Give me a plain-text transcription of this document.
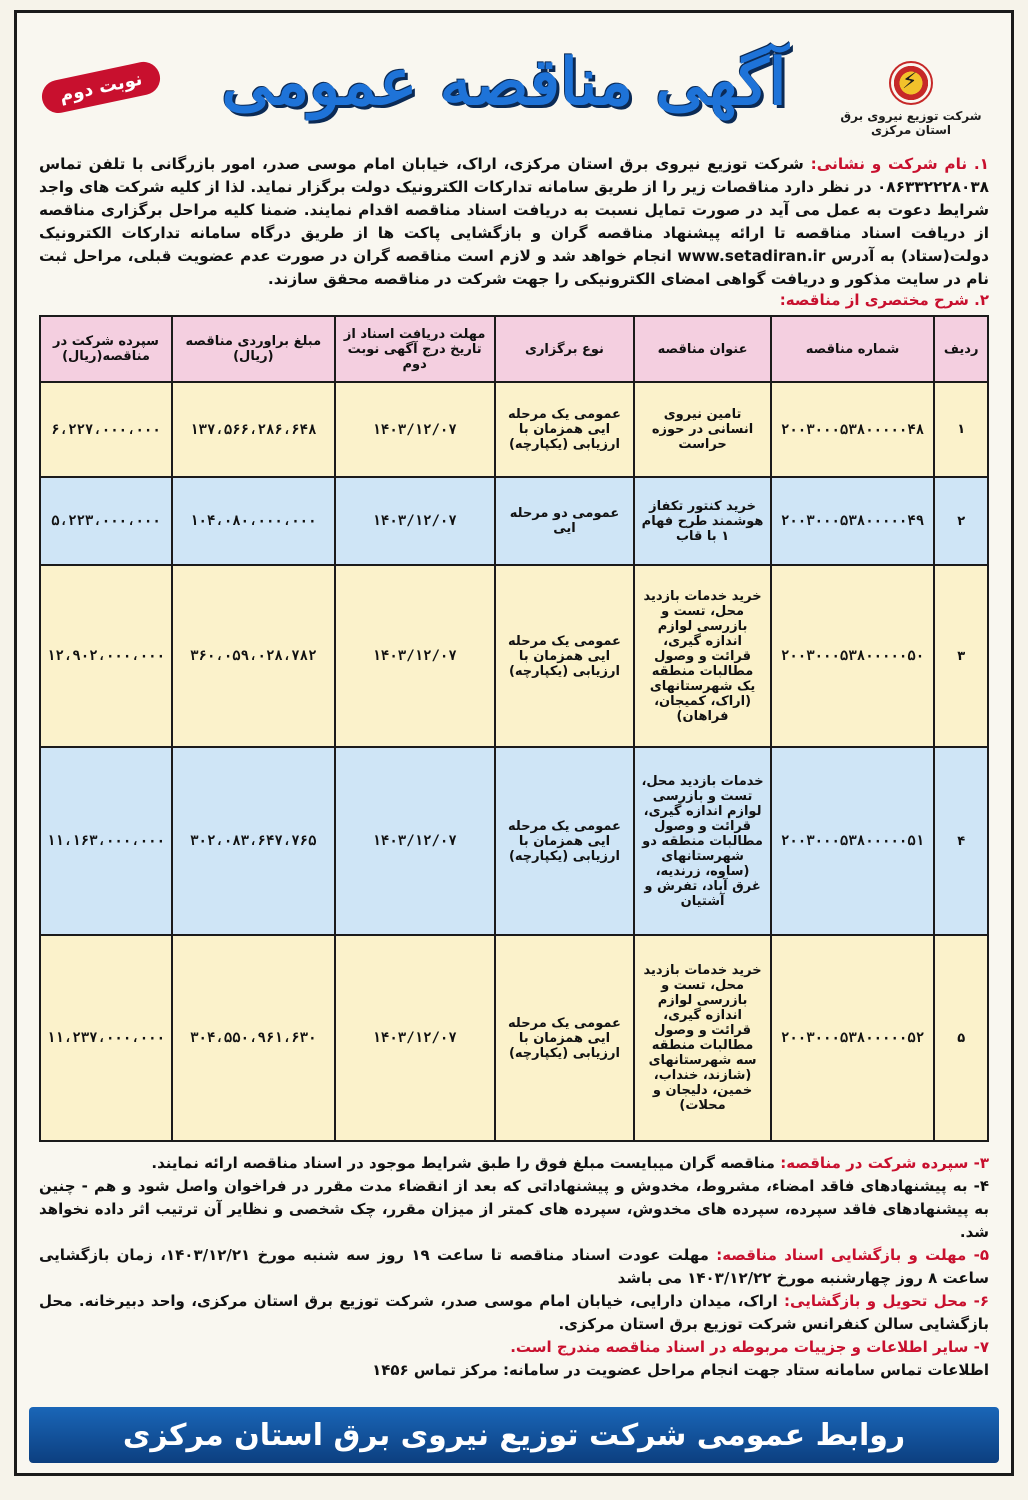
⚡
شرکت توزیع نیروی برق استان مرکزی
آگهی مناقصه عمومی
نوبت دوم
۱. نام شرکت و نشانی: شرکت توزیع نیروی برق استان مرکزی، اراک، خیابان امام موسی صدر، امور بازرگانی با تلفن تماس ۰۸۶۳۳۲۲۲۸۰۳۸ در نظر دارد مناقصات زیر را از طریق سامانه تدارکات الکترونیک دولت برگزار نماید. لذا از کلیه شرکت های واجد شرایط دعوت به عمل می آید در صورت تمایل نسبت به دریافت اسناد مناقصه اقدام نمایند. ضمنا کلیه مراحل برگزاری مناقصه از دریافت اسناد مناقصه تا ارائه پیشنهاد مناقصه گران و بازگشایی پاکت ها از طریق درگاه سامانه تدارکات الکترونیک دولت(ستاد) به آدرس www.setadiran.ir انجام خواهد شد و لازم است مناقصه گران در صورت عدم عضویت قبلی، مراحل ثبت نام در سایت مذکور و دریافت گواهی امضای الکترونیکی را جهت شرکت در مناقصه محقق سازند.
۲. شرح مختصری از مناقصه:
ردیف	شماره مناقصه	عنوان مناقصه	نوع برگزاری	مهلت دریافت اسناد از تاریخ درج آگهی نوبت دوم	مبلغ براوردی مناقصه (ریال)	سپرده شرکت در مناقصه(ریال)
۱	۲۰۰۳۰۰۰۵۳۸۰۰۰۰۰۴۸	تامین نیروی انسانی در حوزه حراست	عمومی یک مرحله ایی همزمان با ارزیابی (یکپارچه)	۱۴۰۳/۱۲/۰۷	۱۳۷،۵۶۶،۲۸۶،۶۴۸	۶،۲۲۷،۰۰۰،۰۰۰
۲	۲۰۰۳۰۰۰۵۳۸۰۰۰۰۰۴۹	خرید کنتور تکفاز هوشمند طرح فهام ۱ با قاب	عمومی دو مرحله ایی	۱۴۰۳/۱۲/۰۷	۱۰۴،۰۸۰،۰۰۰،۰۰۰	۵،۲۲۳،۰۰۰،۰۰۰
۳	۲۰۰۳۰۰۰۵۳۸۰۰۰۰۰۵۰	خرید خدمات بازدید محل، تست و بازرسی لوازم اندازه گیری، قرائت و وصول مطالبات منطقه یک شهرستانهای (اراک، کمیجان، فراهان)	عمومی یک مرحله ایی همزمان با ارزیابی (یکپارچه)	۱۴۰۳/۱۲/۰۷	۳۶۰،۰۵۹،۰۲۸،۷۸۲	۱۲،۹۰۲،۰۰۰،۰۰۰
۴	۲۰۰۳۰۰۰۵۳۸۰۰۰۰۰۵۱	خدمات بازدید محل، تست و بازرسی لوازم اندازه گیری، قرائت و وصول مطالبات منطقه دو شهرستانهای (ساوه، زرندیه، غرق آباد، تفرش و آشتیان	عمومی یک مرحله ایی همزمان با ارزیابی (یکپارچه)	۱۴۰۳/۱۲/۰۷	۳۰۲،۰۸۳،۶۴۷،۷۶۵	۱۱،۱۶۳،۰۰۰،۰۰۰
۵	۲۰۰۳۰۰۰۵۳۸۰۰۰۰۰۵۲	خرید خدمات بازدید محل، تست و بازرسی لوازم اندازه گیری، قرائت و وصول مطالبات منطقه سه شهرستانهای (شازند، خنداب، خمین، دلیجان و محلات)	عمومی یک مرحله ایی همزمان با ارزیابی (یکپارچه)	۱۴۰۳/۱۲/۰۷	۳۰۴،۵۵۰،۹۶۱،۶۳۰	۱۱،۲۳۷،۰۰۰،۰۰۰

۳- سپرده شرکت در مناقصه: مناقصه گران میبایست مبلغ فوق را طبق شرایط موجود در اسناد مناقصه ارائه نمایند.

۴- به پیشنهادهای فاقد امضاء، مشروط، مخدوش و پیشنهاداتی که بعد از انقضاء مدت مقرر در فراخوان واصل شود و هم - چنین به پیشنهادهای فاقد سپرده، سپرده های مخدوش، سپرده های کمتر از میزان مقرر، چک شخصی و نظایر آن ترتیب اثر داده نخواهد شد.

۵- مهلت و بازگشایی اسناد مناقصه: مهلت عودت اسناد مناقصه تا ساعت ۱۹ روز سه شنبه مورخ ۱۴۰۳/۱۲/۲۱، زمان بازگشایی ساعت ۸ روز چهارشنبه مورخ ۱۴۰۳/۱۲/۲۲ می باشد

۶- محل تحویل و بازگشایی: اراک، میدان دارایی، خیابان امام موسی صدر، شرکت توزیع برق استان مرکزی، واحد دبیرخانه. محل بازگشایی سالن کنفرانس شرکت توزیع برق استان مرکزی.

۷- سایر اطلاعات و جزییات مربوطه در اسناد مناقصه مندرج است.

اطلاعات تماس سامانه ستاد جهت انجام مراحل عضویت در سامانه: مرکز تماس ۱۴۵۶

روابط عمومی شرکت توزیع نیروی برق استان مرکزی
